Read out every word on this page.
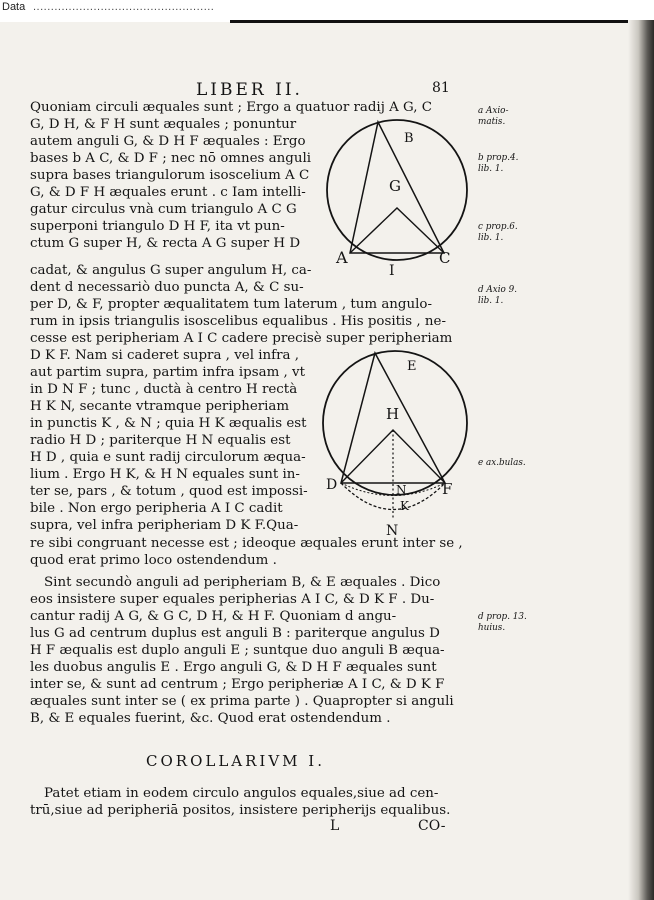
Data ...................................................
LIBER II.	81
Quoniam circuli æquales sunt ; Ergo a quatuor radij A G, C
G, D H, & F H sunt æquales ; ponuntur
autem anguli G, & D H F æquales : Ergo
bases b A C, & D F ; nec nō omnes anguli
supra bases triangulorum isoscelium A C
G, & D F H æquales erunt . c Iam intelli-
gatur circulus vnà cum triangulo A C G
superponi triangulo D H F, ita vt pun-
ctum G super H, & recta A G super H D
cadat, & angulus G super angulum H, ca-
dent d necessariò duo puncta A, & C su-
per D, & F, propter æqualitatem tum laterum , tum angulo-
rum in ipsis triangulis isoscelibus equalibus . His positis , ne-
cesse est peripheriam A I C cadere precisè super peripheriam
D K F. Nam si caderet supra , vel infra ,
aut partim supra, partim infra ipsam , vt
in D N F ; tunc , ductà à centro H rectà
H K N, secante vtramque peripheriam
in punctis K , & N ; quia H K æqualis est
radio H D ; pariterque H N equalis est
H D , quia e sunt radij circulorum æqua-
lium . Ergo H K, & H N equales sunt in-
ter se, pars , & totum , quod est impossi-
bile . Non ergo peripheria A I C cadit
supra, vel infra peripheriam D K F.Qua-
re sibi congruant necesse est ; ideoque æquales erunt inter se ,
quod erat primo loco ostendendum .
Sint secundò anguli ad peripheriam B, & E æquales . Dico
eos insistere super equales peripherias A I C, & D K F . Du-
cantur radij A G, & G C, D H, & H F. Quoniam d angu-
lus G ad centrum duplus est anguli B : pariterque angulus D
H F æqualis est duplo anguli E ; suntque duo anguli B æqua-
les duobus angulis E . Ergo anguli G, & D H F æquales sunt
inter se, & sunt ad centrum ; Ergo peripheriæ A I C, & D K F
æquales sunt inter se ( ex prima parte ) . Quapropter si anguli
B, & E equales fuerint, &c. Quod erat ostendendum .
COROLLARIVM I.
Patet etiam in eodem circulo angulos equales,siue ad cen-
trū,siue ad peripheriā positos, insistere peripherijs equalibus.
L	CO-
a Axio-
matis.
b prop.4.
lib. 1.
c prop.6.
lib. 1.
d Axio 9.
lib. 1.
e ax.bulas.
d prop. 13.
huius.
B
G
A	C
I
E
H
D	F
N
K
N
